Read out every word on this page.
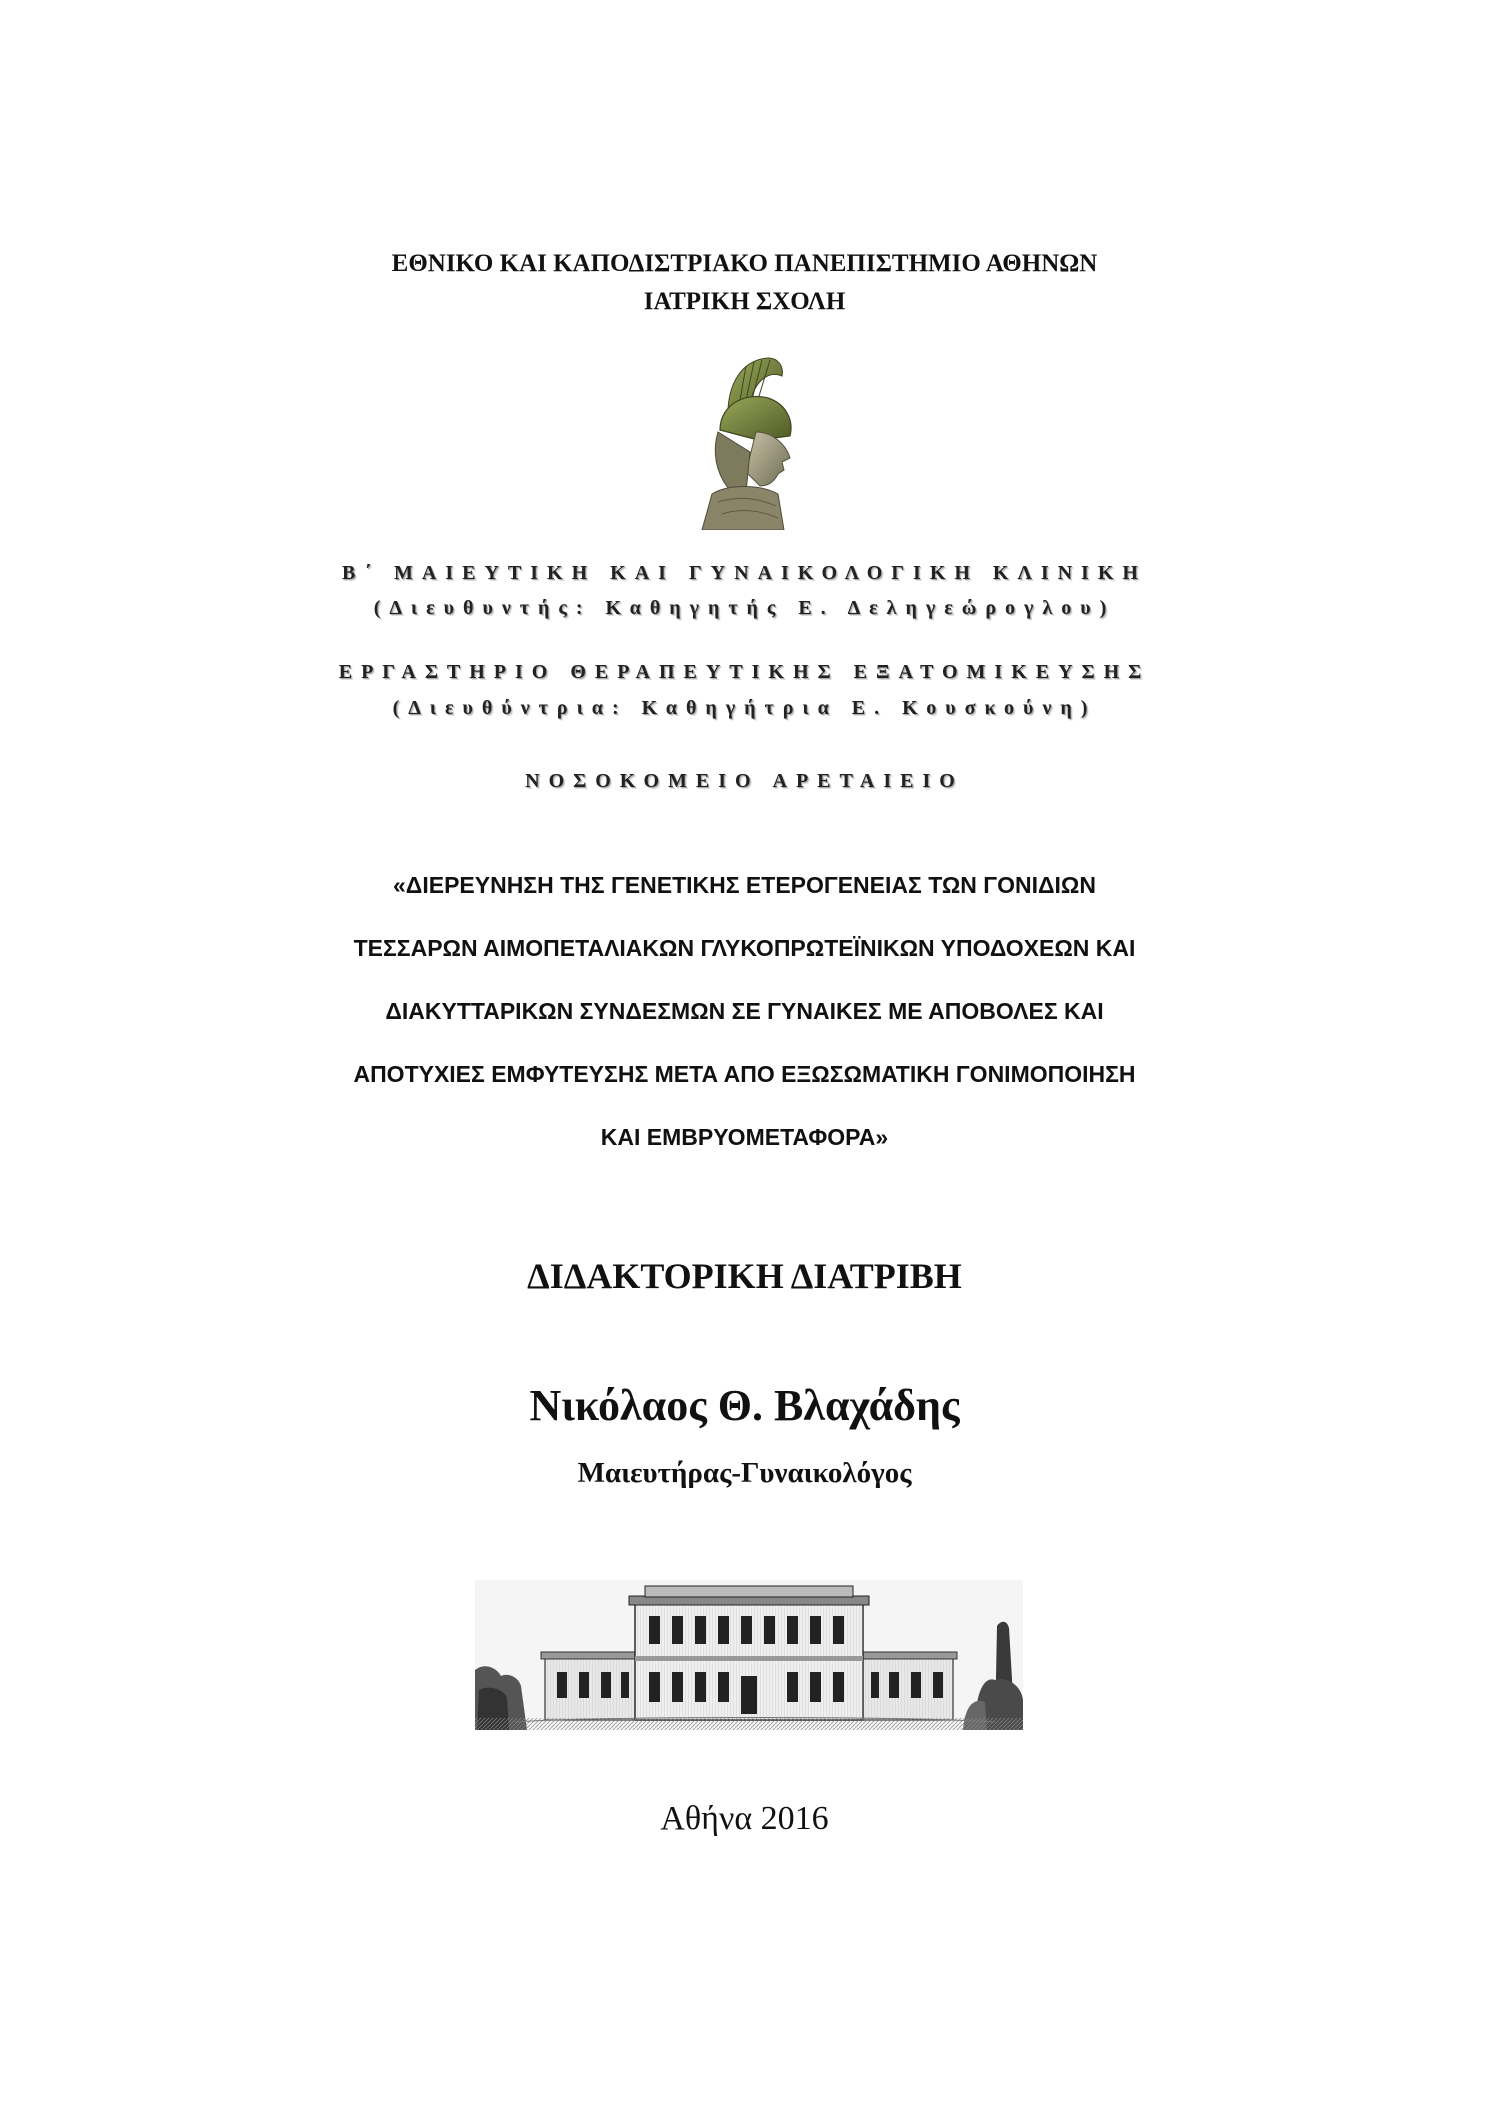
ΕΘΝΙΚΟ ΚΑΙ ΚΑΠΟΔΙΣΤΡΙΑΚΟ ΠΑΝΕΠΙΣΤΗΜΙΟ ΑΘΗΝΩΝ
ΙΑΤΡΙΚΗ ΣΧΟΛΗ
Β΄ ΜΑΙΕΥΤΙΚΗ ΚΑΙ ΓΥΝΑΙΚΟΛΟΓΙΚΗ ΚΛΙΝΙΚΗ
(Διευθυντής: Καθηγητής Ε. Δεληγεώρογλου)
ΕΡΓΑΣΤΗΡΙΟ ΘΕΡΑΠΕΥΤΙΚΗΣ ΕΞΑΤΟΜΙΚΕΥΣΗΣ
(Διευθύντρια: Καθηγήτρια Ε. Κουσκούνη)
ΝΟΣΟΚΟΜΕΙΟ ΑΡΕΤΑΙΕΙΟ
«ΔΙΕΡΕΥΝΗΣΗ ΤΗΣ ΓΕΝΕΤΙΚΗΣ ΕΤΕΡΟΓΕΝΕΙΑΣ ΤΩΝ ΓΟΝΙΔΙΩΝ
ΤΕΣΣΑΡΩΝ ΑΙΜΟΠΕΤΑΛΙΑΚΩΝ ΓΛΥΚΟΠΡΩΤΕΪΝΙΚΩΝ ΥΠΟΔΟΧΕΩΝ ΚΑΙ
ΔΙΑΚΥΤΤΑΡΙΚΩΝ ΣΥΝΔΕΣΜΩΝ ΣΕ ΓΥΝΑΙΚΕΣ ΜΕ ΑΠΟΒΟΛΕΣ ΚΑΙ
ΑΠΟΤΥΧΙΕΣ ΕΜΦΥΤΕΥΣΗΣ ΜΕΤΑ ΑΠΟ ΕΞΩΣΩΜΑΤΙΚΗ ΓΟΝΙΜΟΠΟΙΗΣΗ
ΚΑΙ ΕΜΒΡΥΟΜΕΤΑΦΟΡΑ»
ΔΙΔΑΚΤΟΡΙΚΗ ΔΙΑΤΡΙΒΗ
Νικόλαος Θ. Βλαχάδης
Μαιευτήρας-Γυναικολόγος
Αθήνα 2016
